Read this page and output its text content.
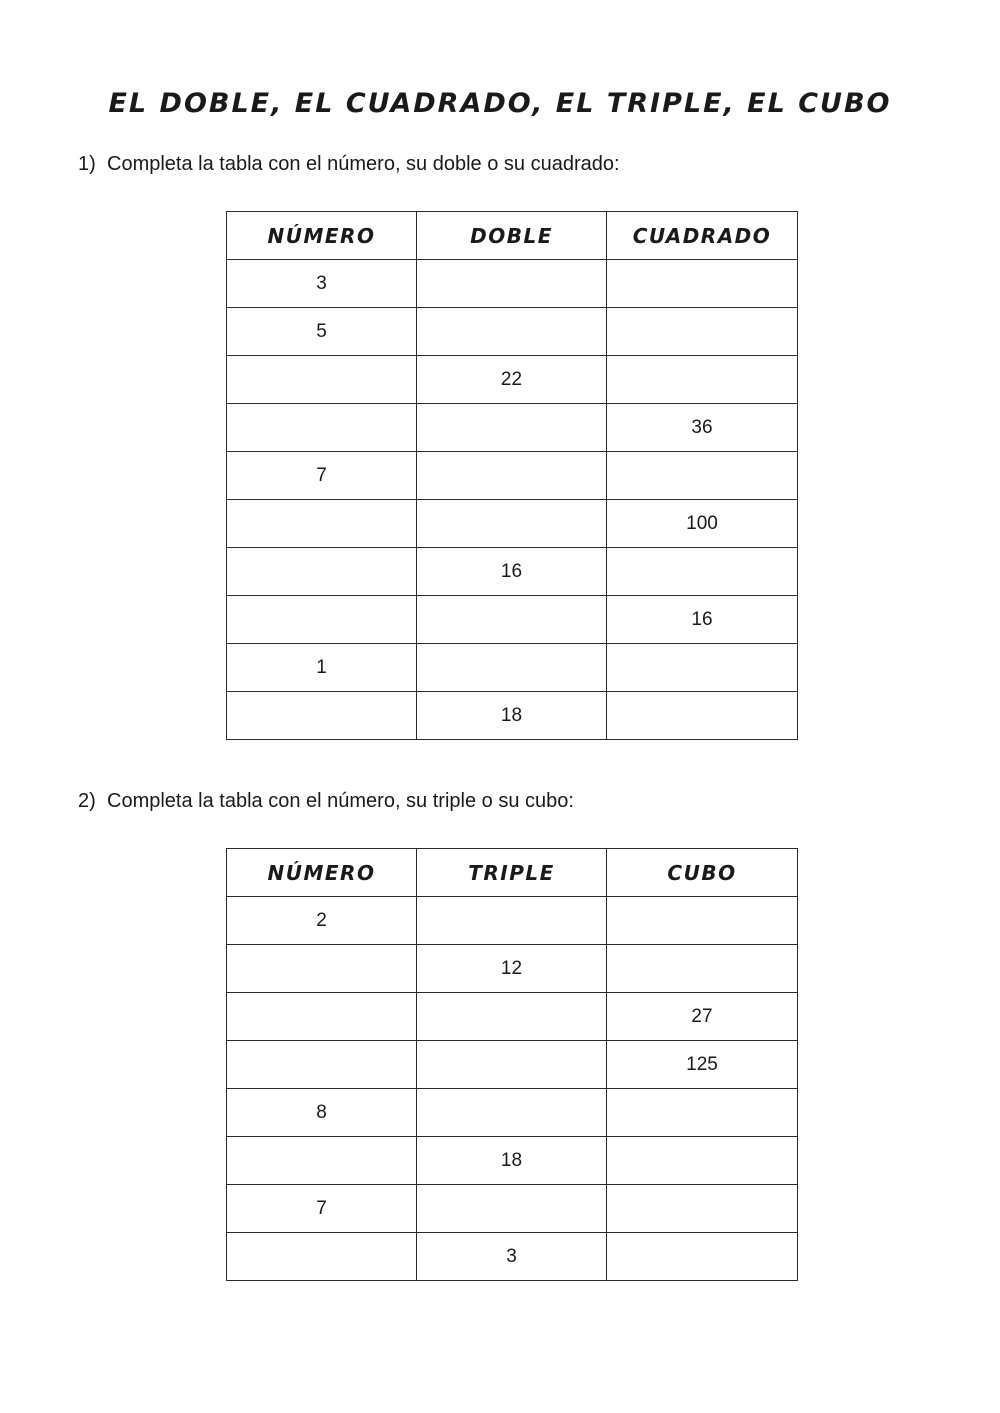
EL DOBLE, EL CUADRADO, EL TRIPLE, EL CUBO

1) Completa la tabla con el número, su doble o su cuadrado:

NÚMERO	DOBLE	CUADRADO
3		
5		
	22	
		36
7		
		100
	16	
		16
1		
	18	

2) Completa la tabla con el número, su triple o su cubo:

NÚMERO	TRIPLE	CUBO
2		
	12	
		27
		125
8		
	18	
7		
	3	
